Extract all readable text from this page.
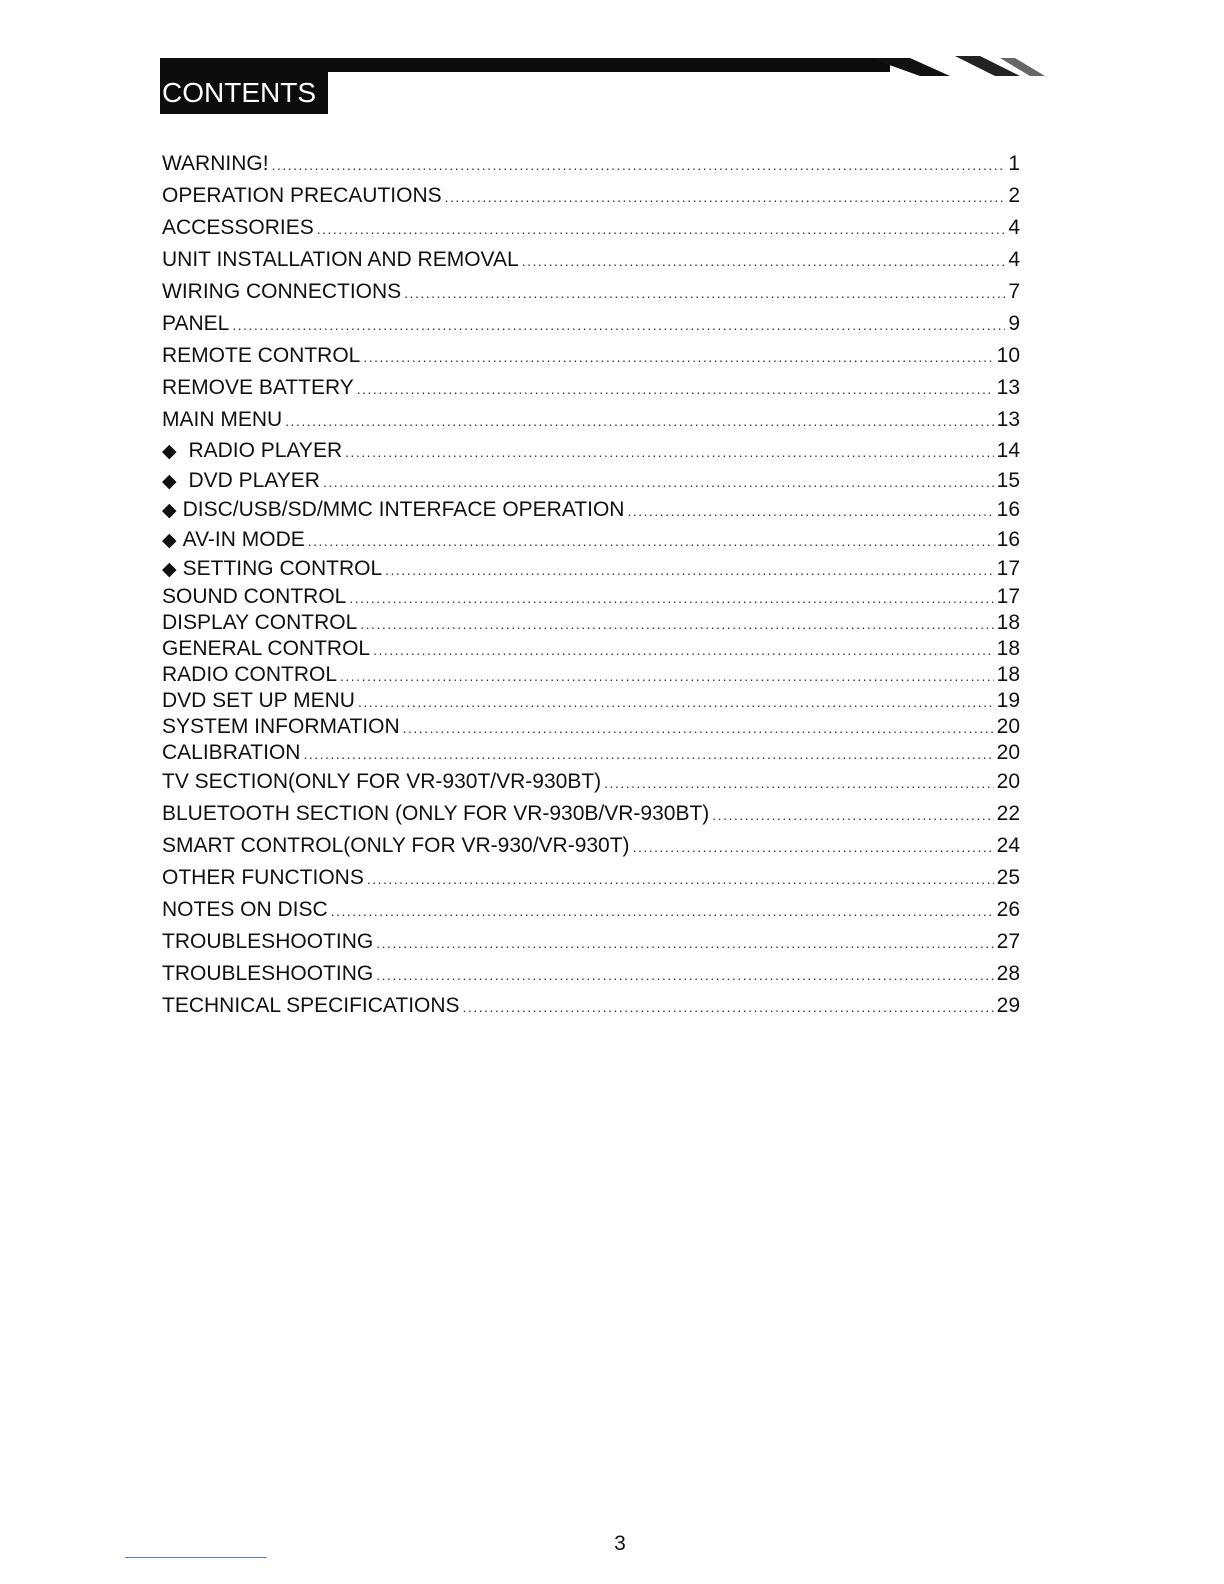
CONTENTS
WARNING! .....	1
OPERATION PRECAUTIONS .....	2
ACCESSORIES .....	4
UNIT INSTALLATION AND REMOVAL .....	4
WIRING CONNECTIONS .....	7
PANEL .....	9
REMOTE CONTROL .....	10
REMOVE BATTERY .....	13
MAIN MENU .....	13
◆ RADIO PLAYER .....	14
◆ DVD PLAYER .....	15
◆ DISC/USB/SD/MMC INTERFACE OPERATION .....	16
◆ AV-IN MODE .....	16
◆ SETTING CONTROL .....	17
SOUND CONTROL .....	17
DISPLAY CONTROL .....	18
GENERAL CONTROL .....	18
RADIO CONTROL .....	18
DVD SET UP MENU .....	19
SYSTEM INFORMATION .....	20
CALIBRATION .....	20
TV SECTION(ONLY FOR VR-930T/VR-930BT) .....	20
BLUETOOTH SECTION (ONLY FOR VR-930B/VR-930BT) .....	22
SMART CONTROL(ONLY FOR VR-930/VR-930T) .....	24
OTHER FUNCTIONS .....	25
NOTES ON DISC .....	26
TROUBLESHOOTING .....	27
TROUBLESHOOTING .....	28
TECHNICAL SPECIFICATIONS .....	29
3
